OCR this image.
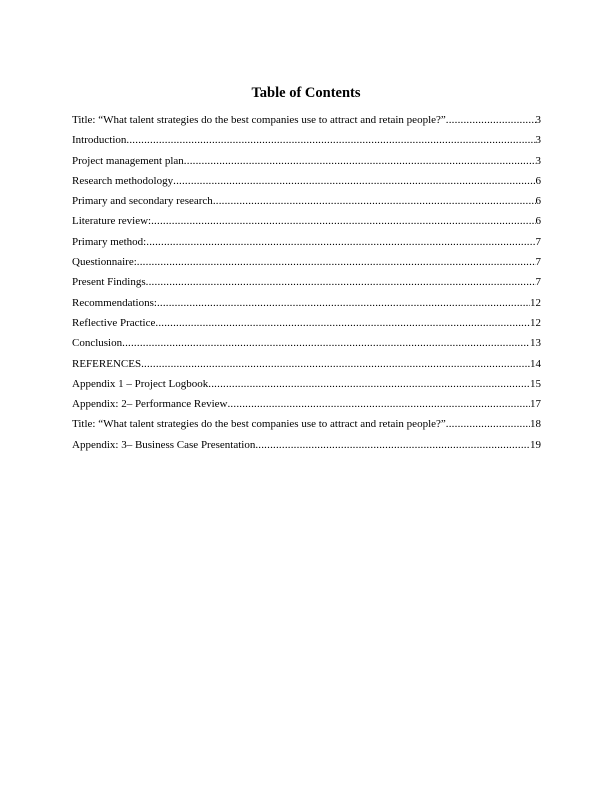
Table of Contents
Title: “What talent strategies do the best companies use to attract and retain people?” .....	3
Introduction .....	3
Project management plan .....	3
Research methodology .....	6
Primary and secondary research .....	6
Literature review: .....	6
Primary method: .....	7
Questionnaire: .....	7
Present Findings .....	7
Recommendations: .....	12
Reflective Practice .....	12
Conclusion .....	13
REFERENCES .....	14
Appendix 1 – Project Logbook .....	15
Appendix: 2– Performance Review .....	17
Title: “What talent strategies do the best companies use to attract and retain people?” .....	18
Appendix: 3– Business Case Presentation .....	19
